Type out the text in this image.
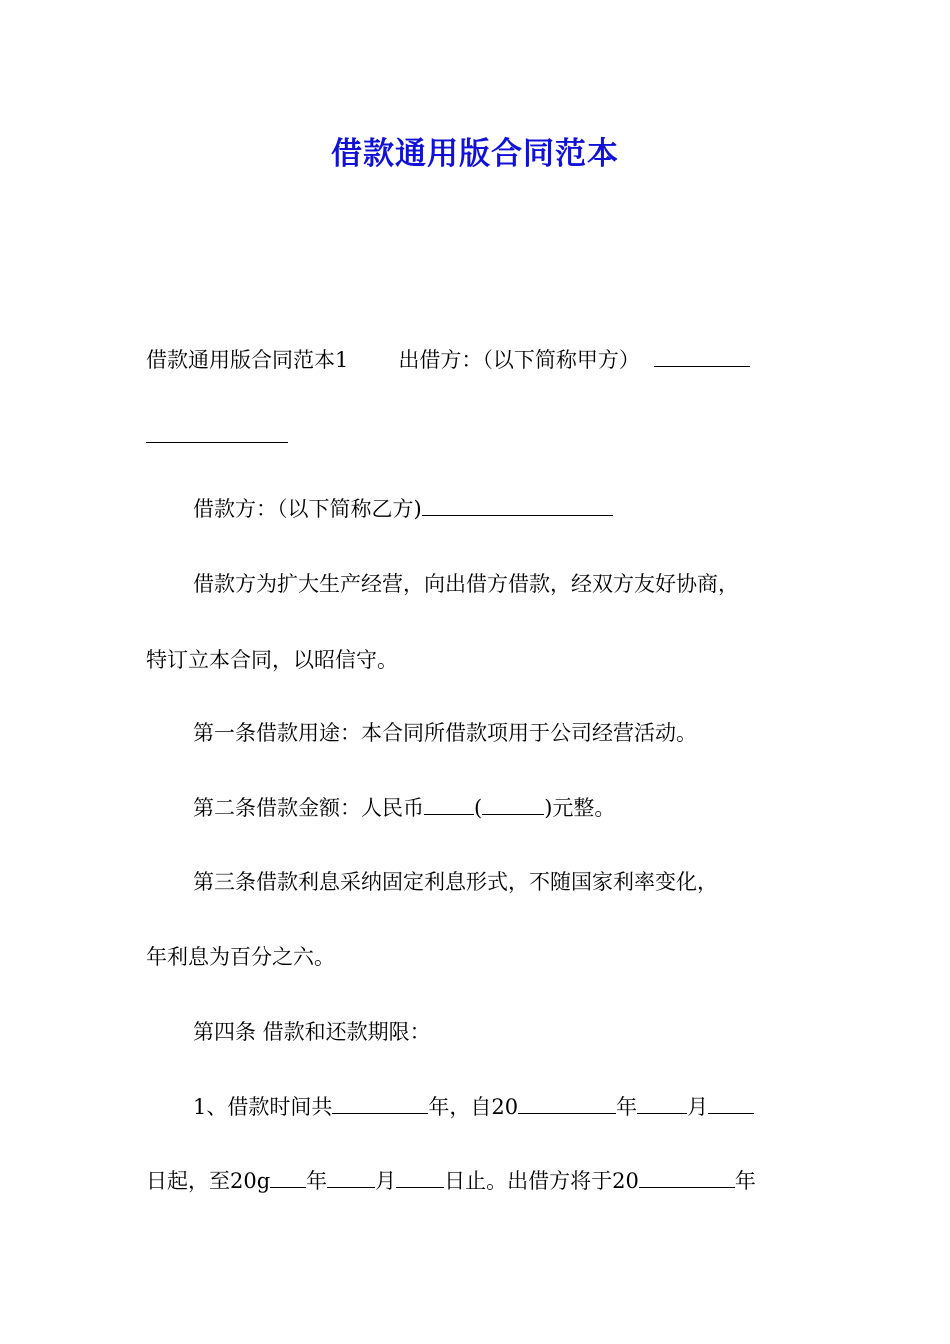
借款通用版合同范本

借款通用版合同范本1 出借方：（以下简称甲方）

借款方：（以下简称乙方)

借款方为扩大生产经营，向出借方借款，经双方友好协商，

特订立本合同，以昭信守。

第一条借款用途：本合同所借款项用于公司经营活动。

第二条借款金额：人民币 (	)元整。

第三条借款利息采纳固定利息形式，不随国家利率变化，

年利息为百分之六。

第四条 借款和还款期限：

1、借款时间共	年，自20	年 月

日起，至20g 年 月 日止。出借方将于20	年
